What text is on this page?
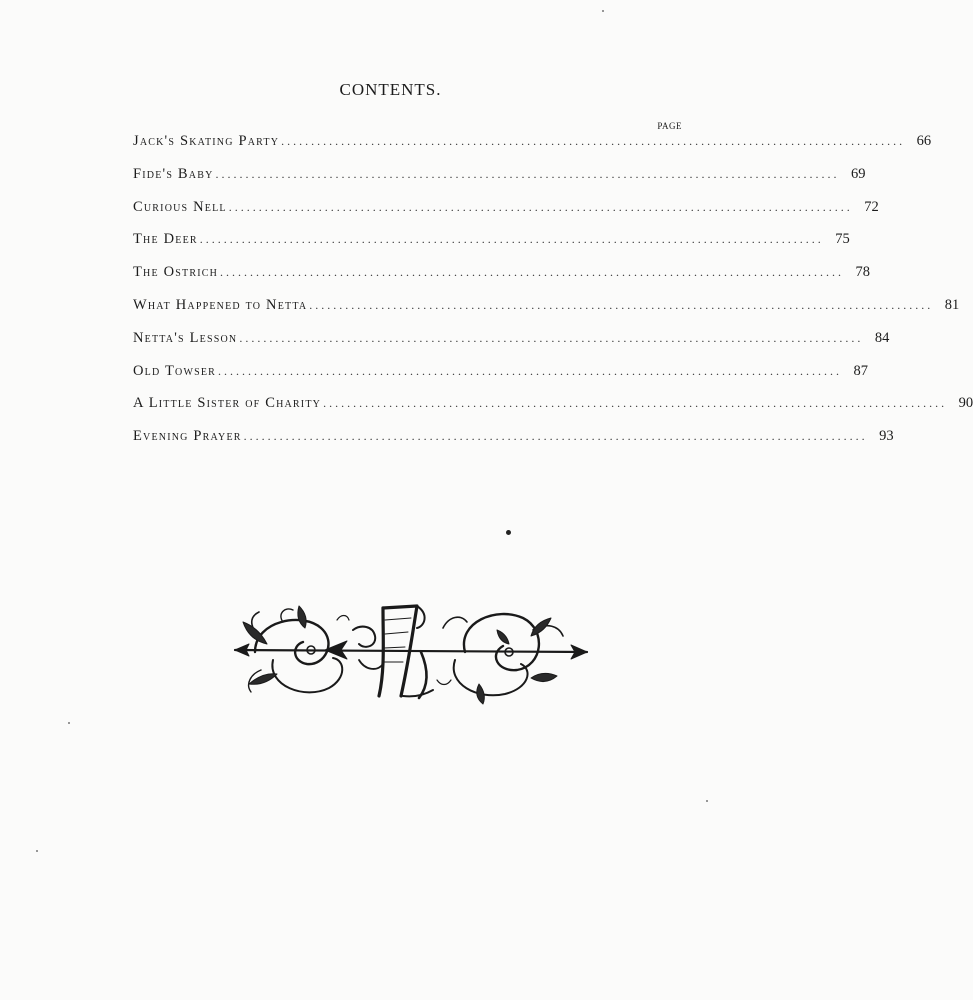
CONTENTS.
PAGE
Jack's Skating Party ........................................................................................................ 66
Fide's Baby ........................................................................................................ 69
Curious Nell ........................................................................................................ 72
The Deer ........................................................................................................ 75
The Ostrich ........................................................................................................ 78
What Happened to Netta ........................................................................................................ 81
Netta's Lesson ........................................................................................................ 84
Old Towser ........................................................................................................ 87
A Little Sister of Charity ........................................................................................................ 90
Evening Prayer ........................................................................................................ 93
